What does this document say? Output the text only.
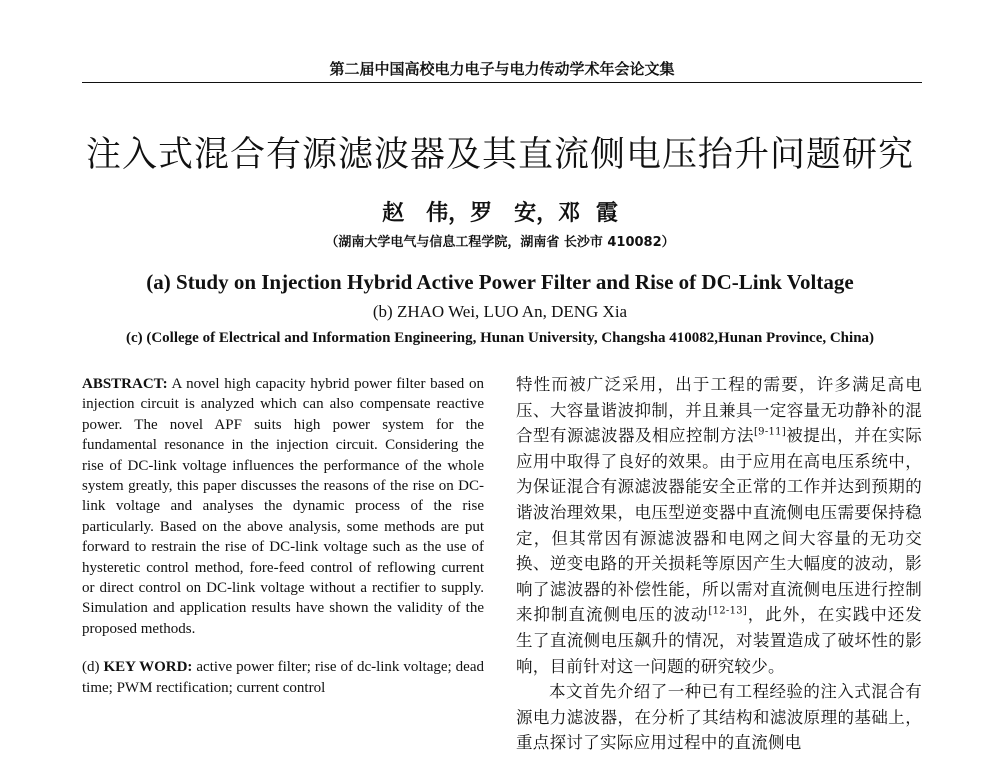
第二届中国高校电力电子与电力传动学术年会论文集
注入式混合有源滤波器及其直流侧电压抬升问题研究
赵　伟，罗　安，邓 霞
（湖南大学电气与信息工程学院，湖南省 长沙市 410082）
(a) Study on Injection Hybrid Active Power Filter and Rise of DC-Link Voltage
(b) ZHAO Wei, LUO An, DENG Xia
(c) (College of Electrical and Information Engineering, Hunan University, Changsha 410082,Hunan Province, China)

ABSTRACT: A novel high capacity hybrid power filter based on injection circuit is analyzed which can also compensate reactive power. The novel APF suits high power system for the fundamental resonance in the injection circuit. Considering the rise of DC-link voltage influences the performance of the whole system greatly, this paper discusses the reasons of the rise on DC-link voltage and analyses the dynamic process of the rise particularly. Based on the above analysis, some methods are put forward to restrain the rise of DC-link voltage such as the use of hysteretic control method, fore-feed control of reflowing current or direct control on DC-link voltage without a rectifier to supply. Simulation and application results have shown the validity of the proposed methods.

(d) KEY WORD: active power filter; rise of dc-link voltage; dead time; PWM rectification; current control

特性而被广泛采用，出于工程的需要，许多满足高电压、大容量谐波抑制，并且兼具一定容量无功静补的混合型有源滤波器及相应控制方法[9-11]被提出，并在实际应用中取得了良好的效果。由于应用在高电压系统中，为保证混合有源滤波器能安全正常的工作并达到预期的谐波治理效果，电压型逆变器中直流侧电压需要保持稳定，但其常因有源滤波器和电网之间大容量的无功交换、逆变电路的开关损耗等原因产生大幅度的波动，影响了滤波器的补偿性能，所以需对直流侧电压进行控制来抑制直流侧电压的波动[12-13]，此外，在实践中还发生了直流侧电压飙升的情况，对装置造成了破坏性的影响，目前针对这一问题的研究较少。

本文首先介绍了一种已有工程经验的注入式混合有源电力滤波器，在分析了其结构和滤波原理的基础上，重点探讨了实际应用过程中的直流侧电
